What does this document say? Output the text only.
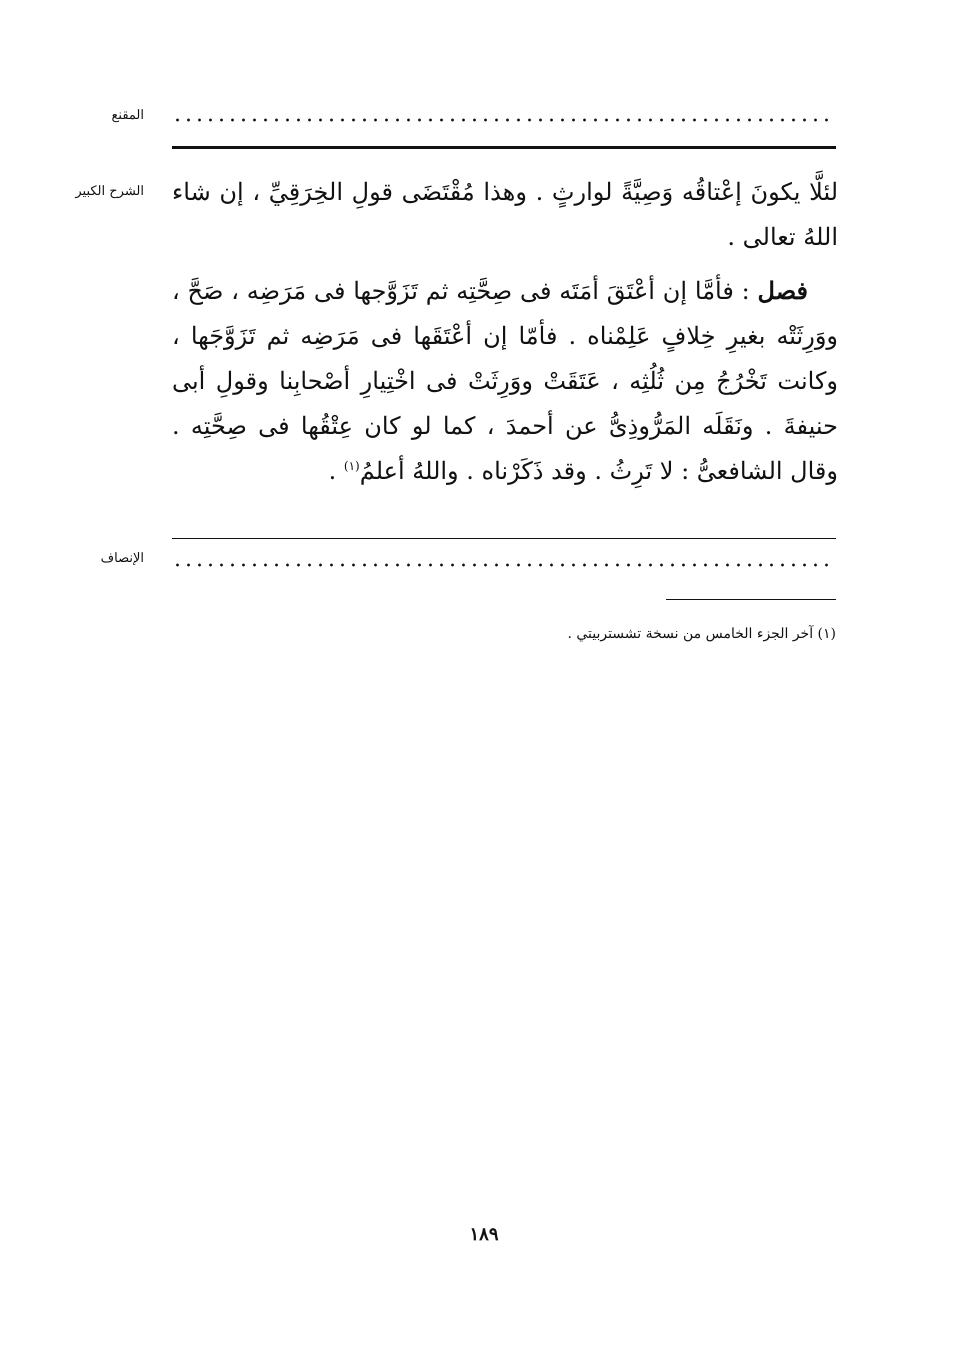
المقنع
الشرح الكبير لئلَّا يكونَ إعْتاقُه وَصِيَّةً لوارثٍ . وهذا مُقْتَضَى قولِ الخِرَقِيِّ ، إن شاء اللهُ تعالى .

فصل : فأمَّا إن أعْتَقَ أمَتَه فى صِحَّتِه ثم تَزَوَّجها فى مَرَضِه ، صَحَّ ، ووَرِثَتْه بغيرِ خِلافٍ عَلِمْناه . فأمّا إن أعْتَقَها فى مَرَضِه ثم تَزَوَّجَها ، وكانت تَخْرُجُ مِن ثُلُثِه ، عَتَقَتْ ووَرِثَتْ فى اخْتِيارِ أصْحابِنا وقولِ أبى حنيفةَ . ونَقَلَه المَرُّوذِىُّ عن أحمدَ ، كما لو كان عِتْقُها فى صِحَّتِه . وقال الشافعىُّ : لا تَرِثُ . وقد ذَكَرْناه . واللهُ أعلمُ$^{(١)}$ .

الإنصاف
(١) آخر الجزء الخامس من نسخة تشستربيتي .
١٨٩
